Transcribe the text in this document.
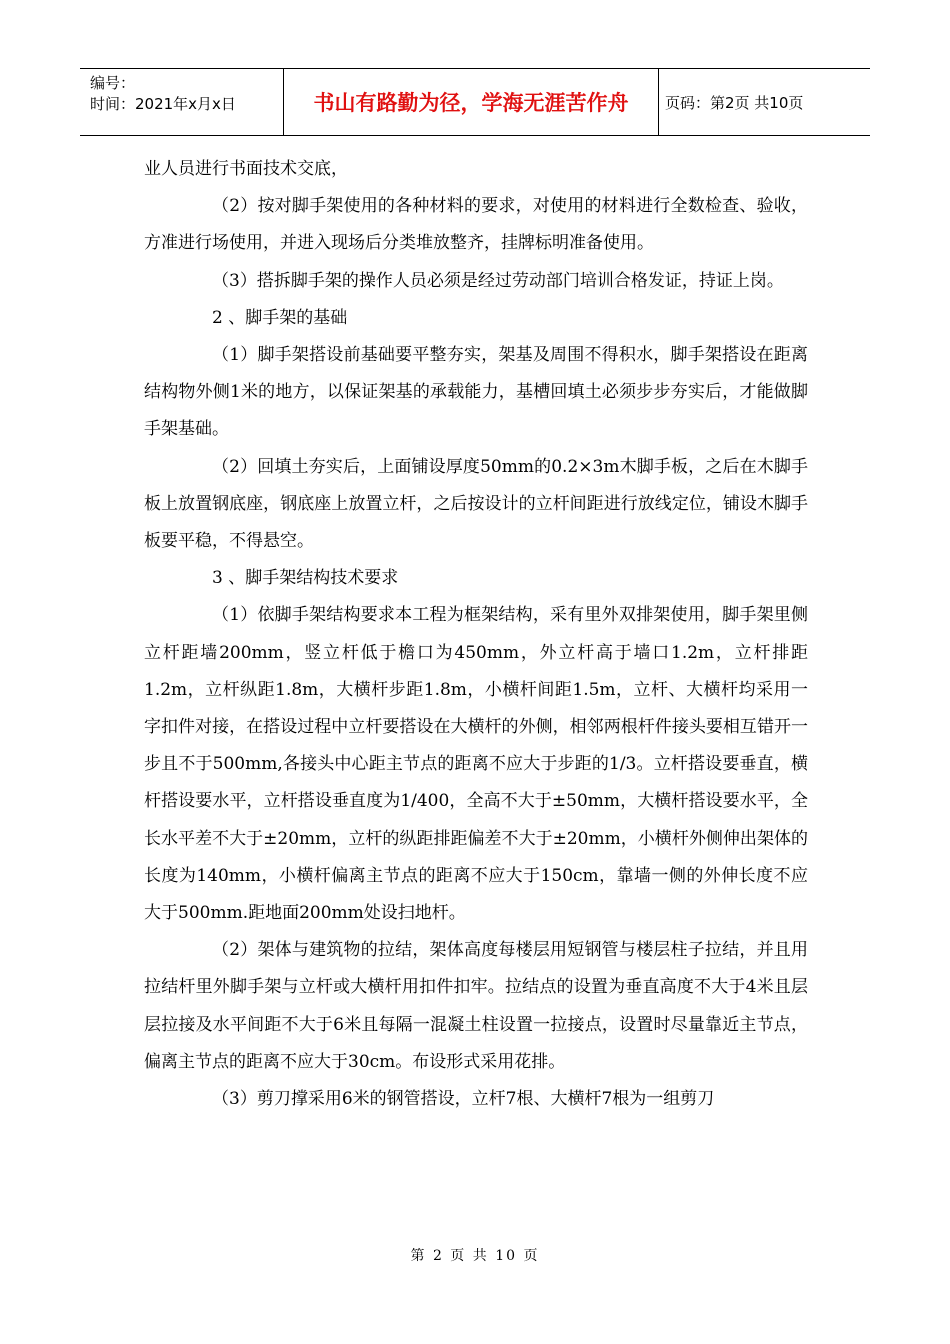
编号：
时间：2021年x月x日	书山有路勤为径，学海无涯苦作舟	页码：第2页 共10页

业人员进行书面技术交底，

（2）按对脚手架使用的各种材料的要求，对使用的材料进行全数检查、验收，方准进行场使用，并进入现场后分类堆放整齐，挂牌标明准备使用。

（3）搭拆脚手架的操作人员必须是经过劳动部门培训合格发证，持证上岗。

2 、脚手架的基础

（1）脚手架搭设前基础要平整夯实，架基及周围不得积水，脚手架搭设在距离结构物外侧1米的地方，以保证架基的承载能力，基槽回填土必须步步夯实后，才能做脚手架基础。

（2）回填土夯实后，上面铺设厚度50mm的0.2×3m木脚手板，之后在木脚手板上放置钢底座，钢底座上放置立杆，之后按设计的立杆间距进行放线定位，铺设木脚手板要平稳，不得悬空。

3 、脚手架结构技术要求

（1）依脚手架结构要求本工程为框架结构，采有里外双排架使用，脚手架里侧立杆距墙200mm，竖立杆低于檐口为450mm，外立杆高于墙口1.2m，立杆排距1.2m，立杆纵距1.8m，大横杆步距1.8m，小横杆间距1.5m，立杆、大横杆均采用一字扣件对接，在搭设过程中立杆要搭设在大横杆的外侧，相邻两根杆件接头要相互错开一步且不于500mm,各接头中心距主节点的距离不应大于步距的1/3。立杆搭设要垂直，横杆搭设要水平，立杆搭设垂直度为1/400，全高不大于±50mm，大横杆搭设要水平，全长水平差不大于±20mm，立杆的纵距排距偏差不大于±20mm，小横杆外侧伸出架体的长度为140mm，小横杆偏离主节点的距离不应大于150cm，靠墙一侧的外伸长度不应大于500mm.距地面200mm处设扫地杆。

（2）架体与建筑物的拉结，架体高度每楼层用短钢管与楼层柱子拉结，并且用拉结杆里外脚手架与立杆或大横杆用扣件扣牢。拉结点的设置为垂直高度不大于4米且层层拉接及水平间距不大于6米且每隔一混凝土柱设置一拉接点，设置时尽量靠近主节点，偏离主节点的距离不应大于30cm。布设形式采用花排。

（3）剪刀撑采用6米的钢管搭设，立杆7根、大横杆7根为一组剪刀

第 2 页 共 10 页
